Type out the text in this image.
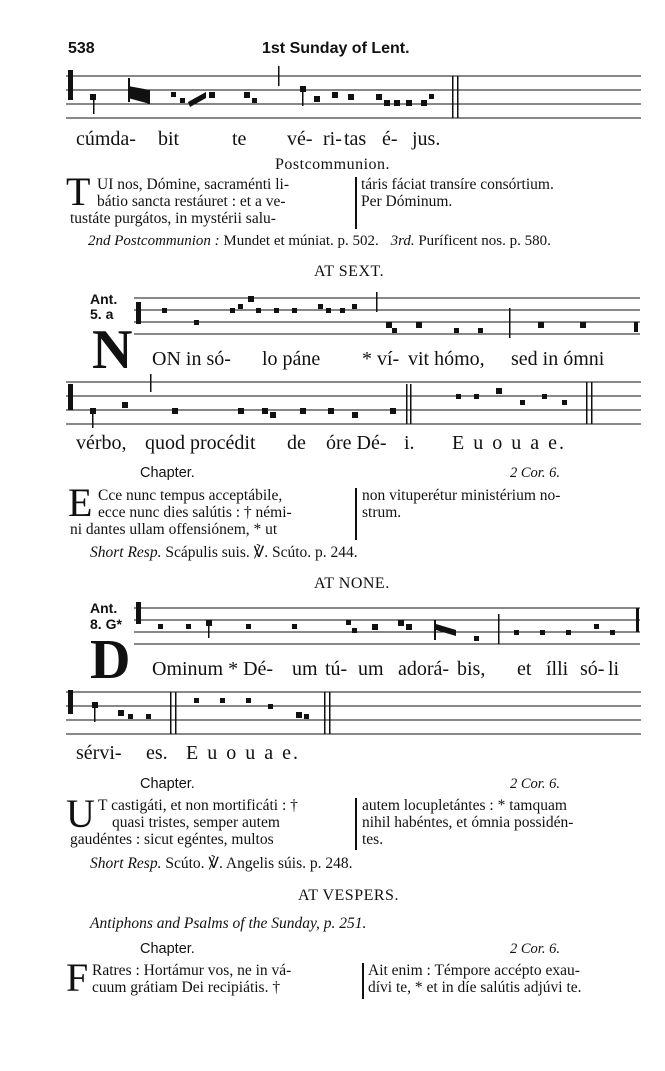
538	1st Sunday of Lent.
cúmda- bit	te vé- ri- tas é- jus.
Postcommunion.
T UI nos, Dómine, sacraménti li-
bátio sancta restáuret : et a ve-
tustáte purgátos, in mystérii salu-
táris fáciat transíre consórtium.
Per Dóminum.
2nd Postcommunion : Mundet et múniat. p. 502. 3rd. Puríficent nos. p. 580.
AT SEXT.
Ant.
5. a
N ON in só- lo páne * ví- vit hómo, sed in ómni
vérbo, quod procédit de óre Dé- i. E u o u a e.
Chapter.	2 Cor. 6.
E Cce nunc tempus acceptábile,
ecce nunc dies salútis : † némi-
ni dantes ullam offensiónem, * ut
non vituperétur ministérium no-
strum.
Short Resp. Scápulis suis. ℣. Scúto. p. 244.
AT NONE.
Ant.
8. G*
D Ominum * Dé- um tú- um adorá- bis, et ílli só- li
sérvi- es. E u o u a e.
Chapter.	2 Cor. 6.
U T castigáti, et non mortificáti : †
quasi tristes, semper autem
gaudéntes : sicut egéntes, multos
autem locupletántes : * tamquam
nihil habéntes, et ómnia possidén-
tes.
Short Resp. Scúto. ℣. Angelis súis. p. 248.
AT VESPERS.
Antiphons and Psalms of the Sunday, p. 251.
Chapter.	2 Cor. 6.
F Ratres : Hortámur vos, ne in vá-
cuum grátiam Dei recipiátis. †
Ait enim : Témpore accépto exau-
dívi te, * et in díe salútis adjúvi te.
